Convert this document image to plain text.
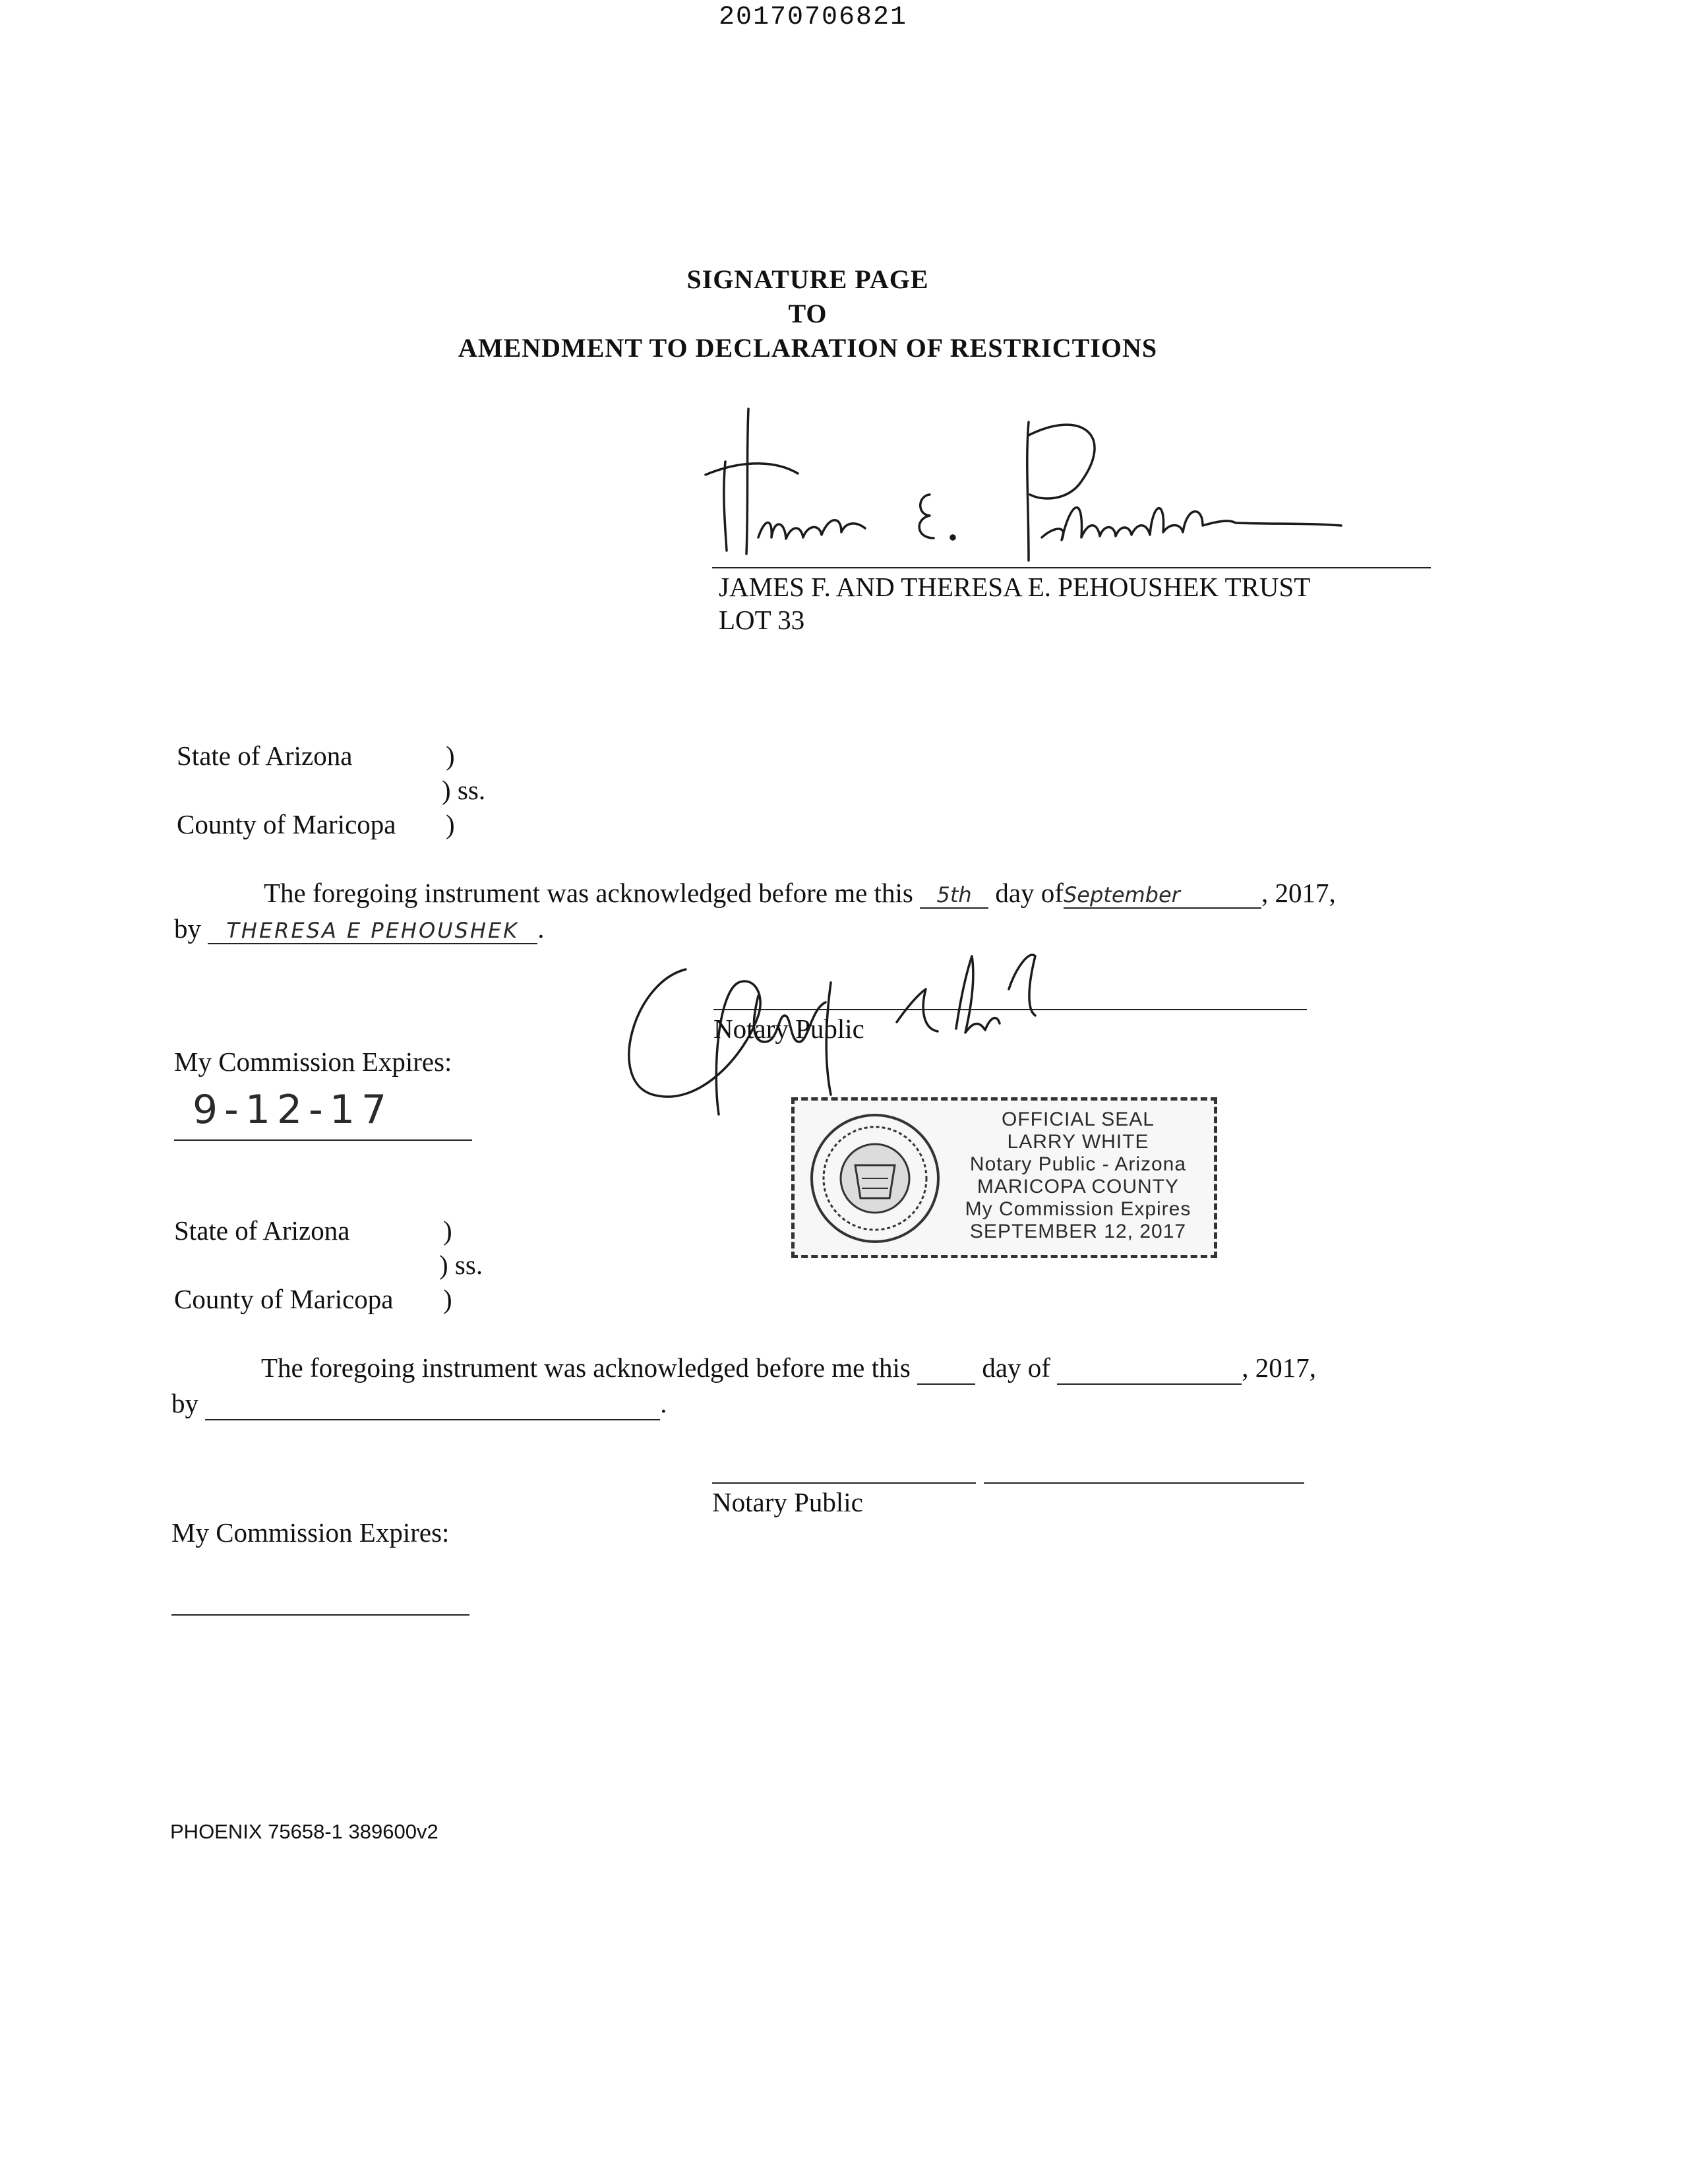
20170706821
SIGNATURE PAGE
TO
AMENDMENT TO DECLARATION OF RESTRICTIONS
JAMES F. AND THERESA E. PEHOUSHEK TRUST
LOT 33
State of Arizona	)
) ss.
County of Maricopa )
The foregoing instrument was acknowledged before me this 5th day ofSeptember	, 2017,
by THERESA E PEHOUSHEK .
Notary Public
My Commission Expires:
9-12-17	OFFICIAL SEAL
LARRY WHITE
Notary Public - Arizona
MARICOPA COUNTY
My Commission Expires
SEPTEMBER 12, 2017
State of Arizona	)
) ss.
County of Maricopa )
The foregoing instrument was acknowledged before me this	day of	, 2017,
by	.
Notary Public
My Commission Expires:
PHOENIX 75658-1 389600v2
